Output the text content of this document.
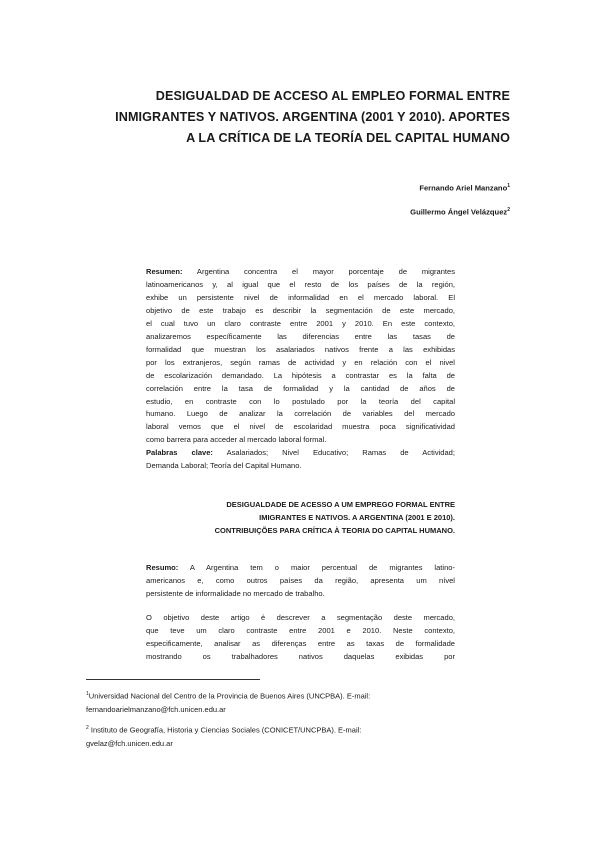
DESIGUALDAD DE ACCESO AL EMPLEO FORMAL ENTRE
INMIGRANTES Y NATIVOS. ARGENTINA (2001 Y 2010). APORTES
A LA CRÍTICA DE LA TEORÍA DEL CAPITAL HUMANO
Fernando Ariel Manzano$^1$
Guillermo Ángel Velázquez$^2$
Resumen: Argentina concentra el mayor porcentaje de migrantes
latinoamericanos y, al igual que el resto de los países de la región,
exhibe un persistente nivel de informalidad en el mercado laboral. El
objetivo de este trabajo es describir la segmentación de este mercado,
el cual tuvo un claro contraste entre 2001 y 2010. En este contexto,
analizaremos específicamente las diferencias entre las tasas de
formalidad que muestran los asalariados nativos frente a las exhibidas
por los extranjeros, según ramas de actividad y en relación con el nivel
de escolarización demandado. La hipótesis a contrastar es la falta de
correlación entre la tasa de formalidad y la cantidad de años de
estudio, en contraste con lo postulado por la teoría del capital
humano. Luego de analizar la correlación de variables del mercado
laboral vemos que el nivel de escolaridad muestra poca significatividad
como barrera para acceder al mercado laboral formal.
Palabras clave: Asalariados; Nivel Educativo; Ramas de Actividad;
Demanda Laboral; Teoría del Capital Humano.
DESIGUALDADE DE ACESSO A UM EMPREGO FORMAL ENTRE
IMIGRANTES E NATIVOS. A ARGENTINA (2001 E 2010).
CONTRIBUIÇÕES PARA CRÍTICA À TEORIA DO CAPITAL HUMANO.
Resumo: A Argentina tem o maior percentual de migrantes latino-
americanos e, como outros países da região, apresenta um nível
persistente de informalidade no mercado de trabalho.
O objetivo deste artigo é descrever a segmentação deste mercado,
que teve um claro contraste entre 2001 e 2010. Neste contexto,
especificamente, analisar as diferenças entre as taxas de formalidade
mostrando os trabalhadores nativos daquelas exibidas por
$^1$Universidad Nacional del Centro de la Provincia de Buenos Aires (UNCPBA). E-mail:
fernandoarielmanzano@fch.unicen.edu.ar
$^2$ Instituto de Geografía, Historia y Ciencias Sociales (CONICET/UNCPBA). E-mail:
gvelaz@fch.unicen.edu.ar
